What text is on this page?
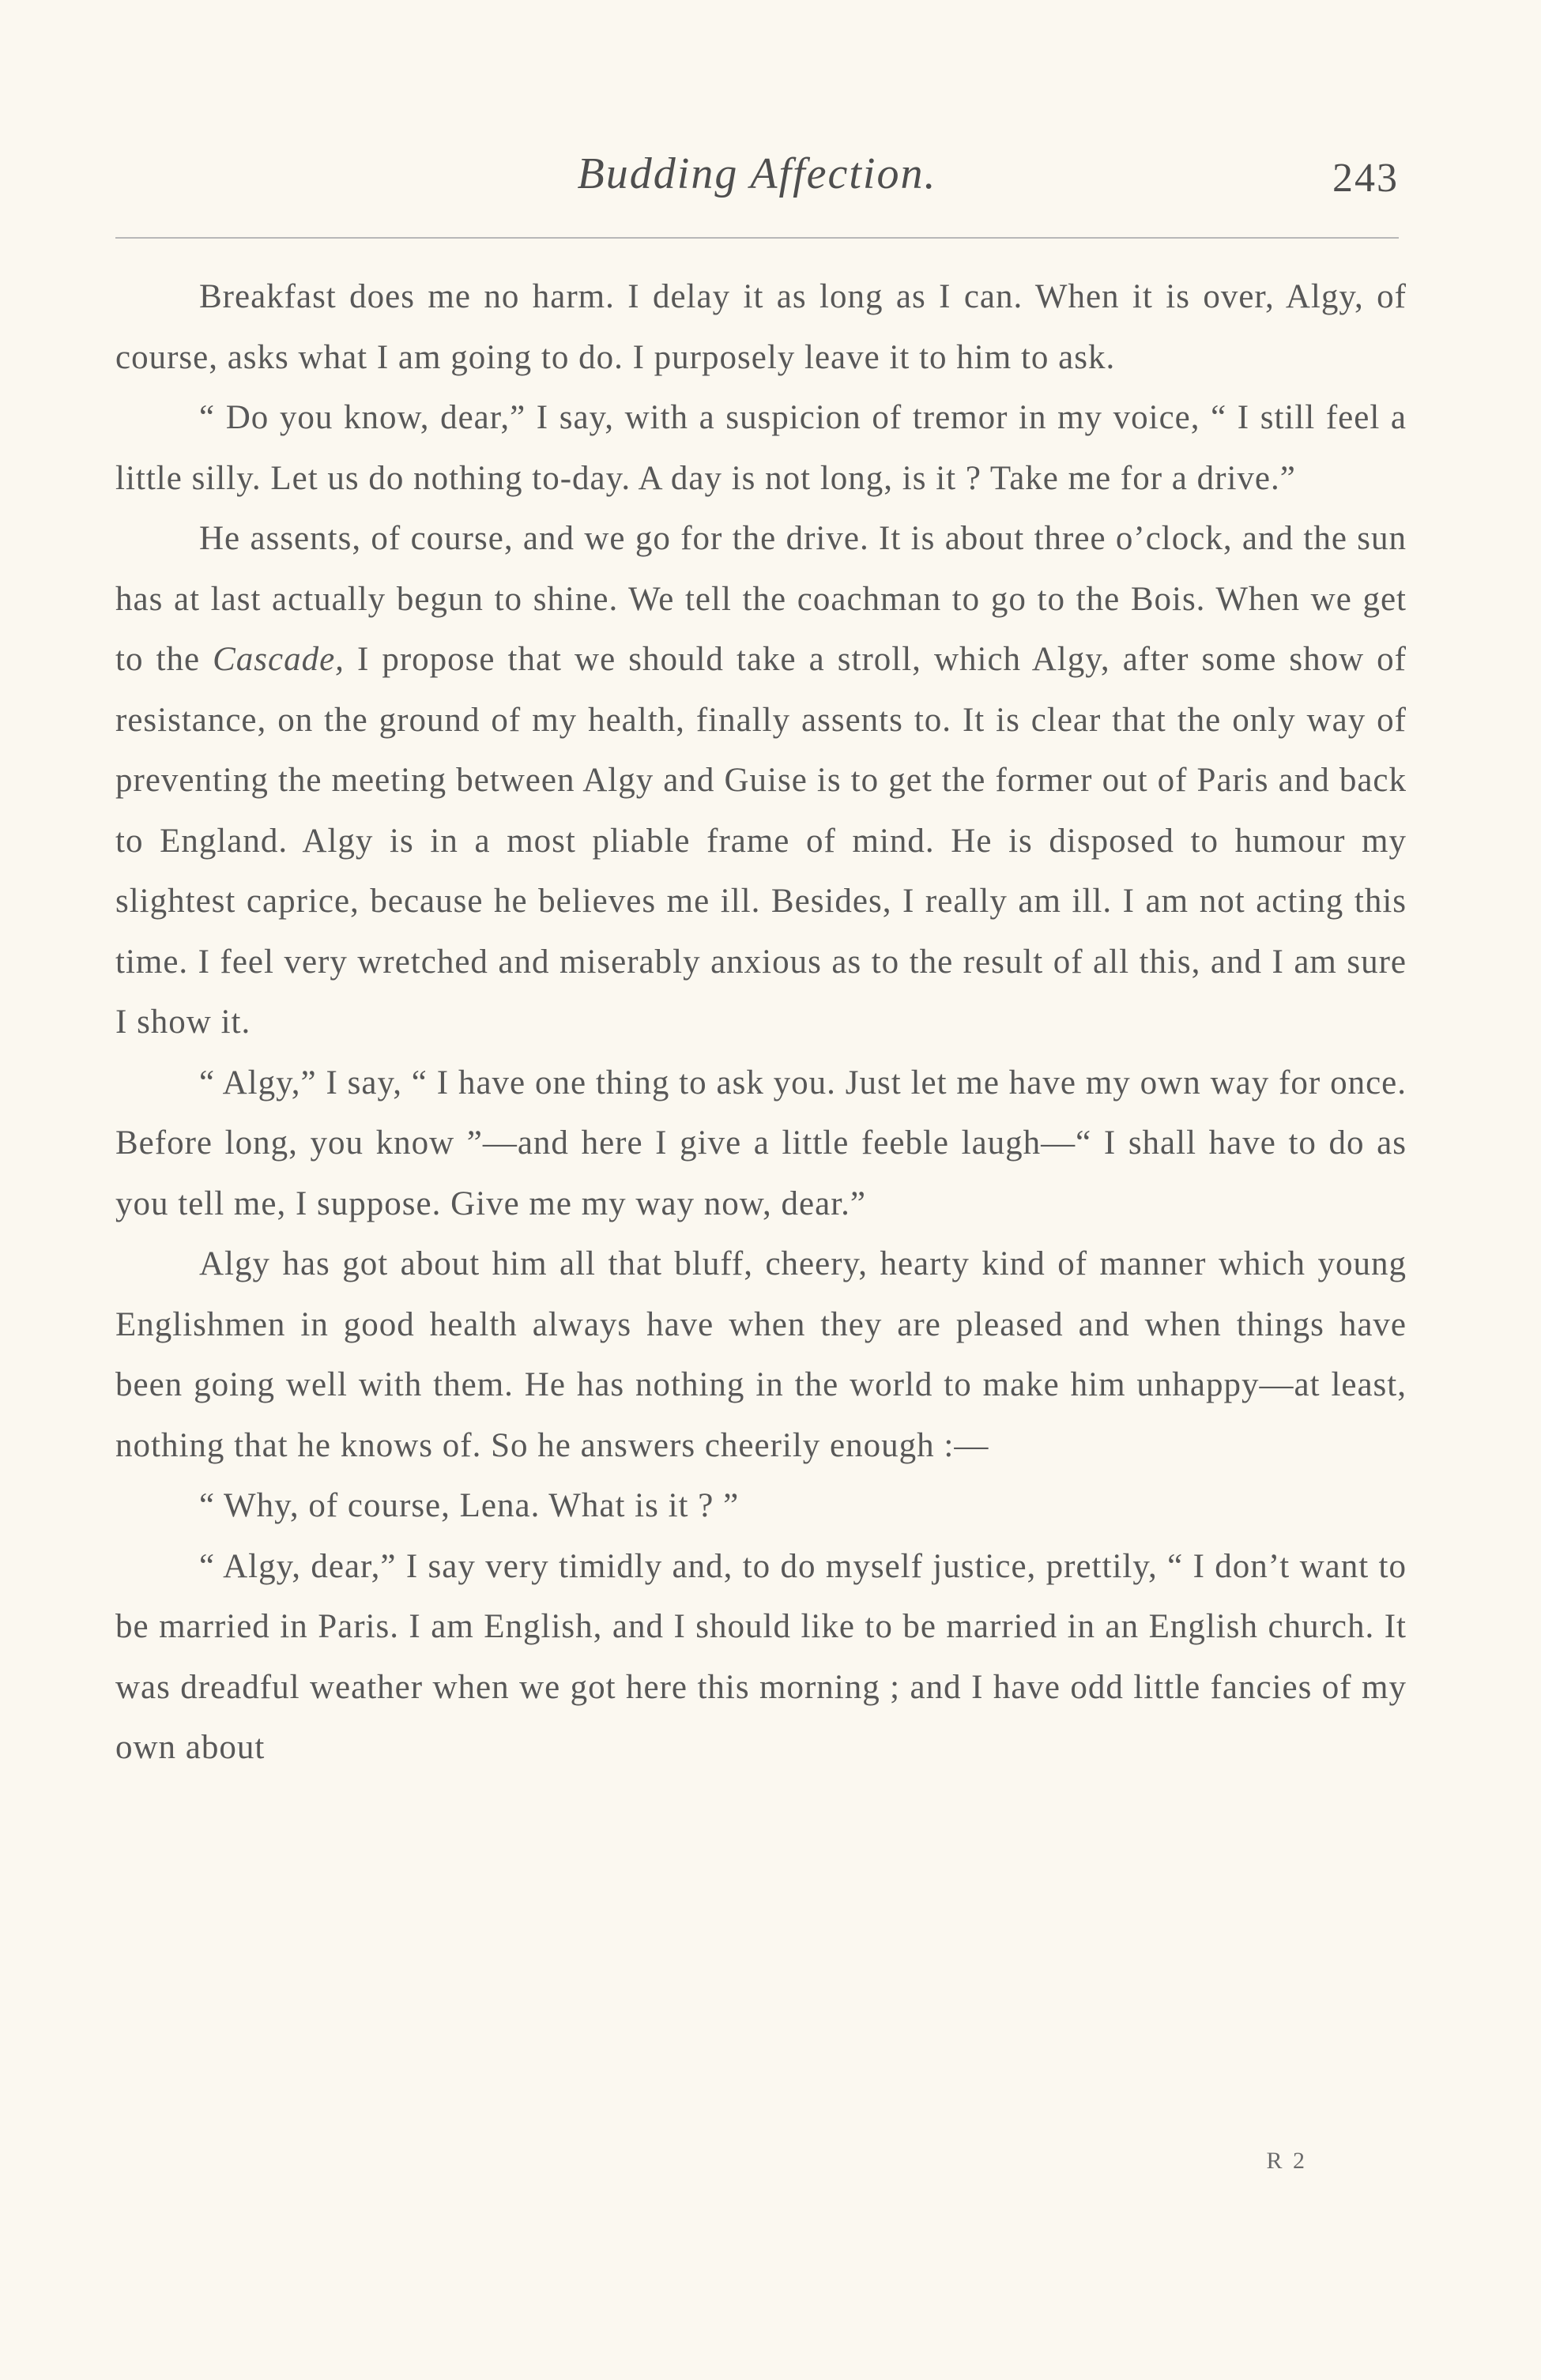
Budding Affection.	243

Breakfast does me no harm. I delay it as long as I can. When it is over, Algy, of course, asks what I am going to do. I purposely leave it to him to ask.

“ Do you know, dear,” I say, with a suspicion of tremor in my voice, “ I still feel a little silly. Let us do nothing to-day. A day is not long, is it ? Take me for a drive.”

He assents, of course, and we go for the drive. It is about three o’clock, and the sun has at last actually begun to shine. We tell the coachman to go to the Bois. When we get to the Cascade, I propose that we should take a stroll, which Algy, after some show of resistance, on the ground of my health, finally assents to. It is clear that the only way of preventing the meeting between Algy and Guise is to get the former out of Paris and back to England. Algy is in a most pliable frame of mind. He is disposed to humour my slightest caprice, because he believes me ill. Besides, I really am ill. I am not acting this time. I feel very wretched and miserably anxious as to the result of all this, and I am sure I show it.

“ Algy,” I say, “ I have one thing to ask you. Just let me have my own way for once. Before long, you know ”—and here I give a little feeble laugh—“ I shall have to do as you tell me, I suppose. Give me my way now, dear.”

Algy has got about him all that bluff, cheery, hearty kind of manner which young Englishmen in good health always have when they are pleased and when things have been going well with them. He has nothing in the world to make him unhappy—at least, nothing that he knows of. So he answers cheerily enough :—

“ Why, of course, Lena. What is it ? ”

“ Algy, dear,” I say very timidly and, to do myself justice, prettily, “ I don’t want to be married in Paris. I am English, and I should like to be married in an English church. It was dreadful weather when we got here this morning ; and I have odd little fancies of my own about

R 2
